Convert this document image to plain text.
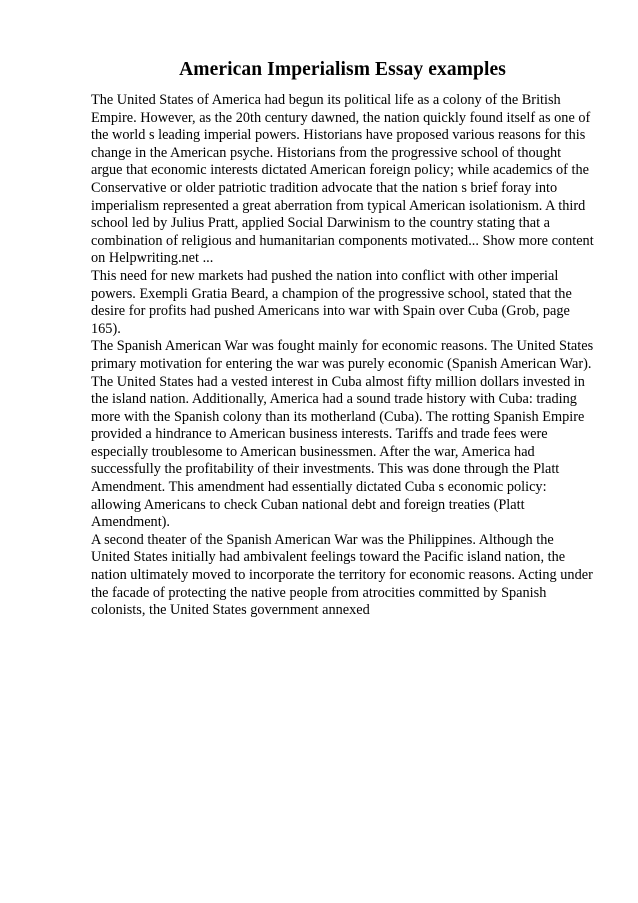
American Imperialism Essay examples

The United States of America had begun its political life as a colony of the British Empire. However, as the 20th century dawned, the nation quickly found itself as one of the world s leading imperial powers. Historians have proposed various reasons for this change in the American psyche. Historians from the progressive school of thought argue that economic interests dictated American foreign policy; while academics of the Conservative or older patriotic tradition advocate that the nation s brief foray into imperialism represented a great aberration from typical American isolationism. A third school led by Julius Pratt, applied Social Darwinism to the country stating that a combination of religious and humanitarian components motivated... Show more content on Helpwriting.net ...

This need for new markets had pushed the nation into conflict with other imperial powers. Exempli Gratia Beard, a champion of the progressive school, stated that the desire for profits had pushed Americans into war with Spain over Cuba (Grob, page 165).

The Spanish American War was fought mainly for economic reasons. The United States primary motivation for entering the war was purely economic (Spanish American War). The United States had a vested interest in Cuba almost fifty million dollars invested in the island nation. Additionally, America had a sound trade history with Cuba: trading more with the Spanish colony than its motherland (Cuba). The rotting Spanish Empire provided a hindrance to American business interests. Tariffs and trade fees were especially troublesome to American businessmen. After the war, America had successfully the profitability of their investments. This was done through the Platt Amendment. This amendment had essentially dictated Cuba s economic policy: allowing Americans to check Cuban national debt and foreign treaties (Platt Amendment).

A second theater of the Spanish American War was the Philippines. Although the United States initially had ambivalent feelings toward the Pacific island nation, the nation ultimately moved to incorporate the territory for economic reasons. Acting under the facade of protecting the native people from atrocities committed by Spanish colonists, the United States government annexed
